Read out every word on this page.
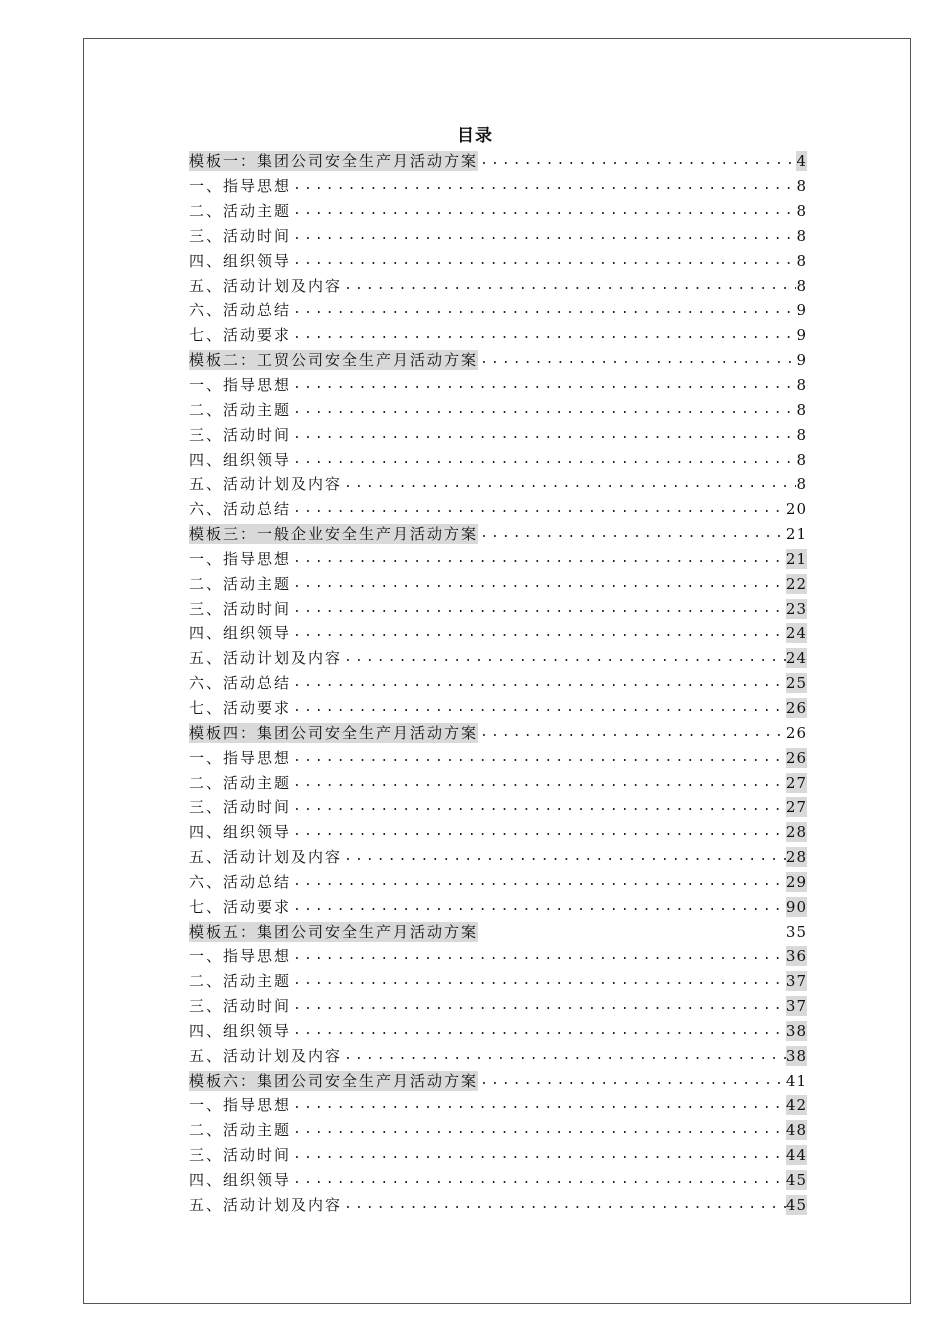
目录
模板一：集团公司安全生产月活动方案 .....	4
一、指导思想 .....	8
二、活动主题 .....	8
三、活动时间 .....	8
四、组织领导 .....	8
五、活动计划及内容 .....	8
六、活动总结 .....	9
七、活动要求 .....	9
模板二：工贸公司安全生产月活动方案 .....	9
一、指导思想 .....	8
二、活动主题 .....	8
三、活动时间 .....	8
四、组织领导 .....	8
五、活动计划及内容 .....	8
六、活动总结 .....	20
模板三：一般企业安全生产月活动方案 .....	21
一、指导思想 .....	21
二、活动主题 .....	22
三、活动时间 .....	23
四、组织领导 .....	24
五、活动计划及内容 .....	24
六、活动总结 .....	25
七、活动要求 .....	26
模板四：集团公司安全生产月活动方案 .....	26
一、指导思想 .....	26
二、活动主题 .....	27
三、活动时间 .....	27
四、组织领导 .....	28
五、活动计划及内容 .....	28
六、活动总结 .....	29
七、活动要求 .....	90
模板五：集团公司安全生产月活动方案	35
一、指导思想 .....	36
二、活动主题 .....	37
三、活动时间 .....	37
四、组织领导 .....	38
五、活动计划及内容 .....	38
模板六：集团公司安全生产月活动方案 .....	41
一、指导思想 .....	42
二、活动主题 .....	48
三、活动时间 .....	44
四、组织领导 .....	45
五、活动计划及内容 .....	45
